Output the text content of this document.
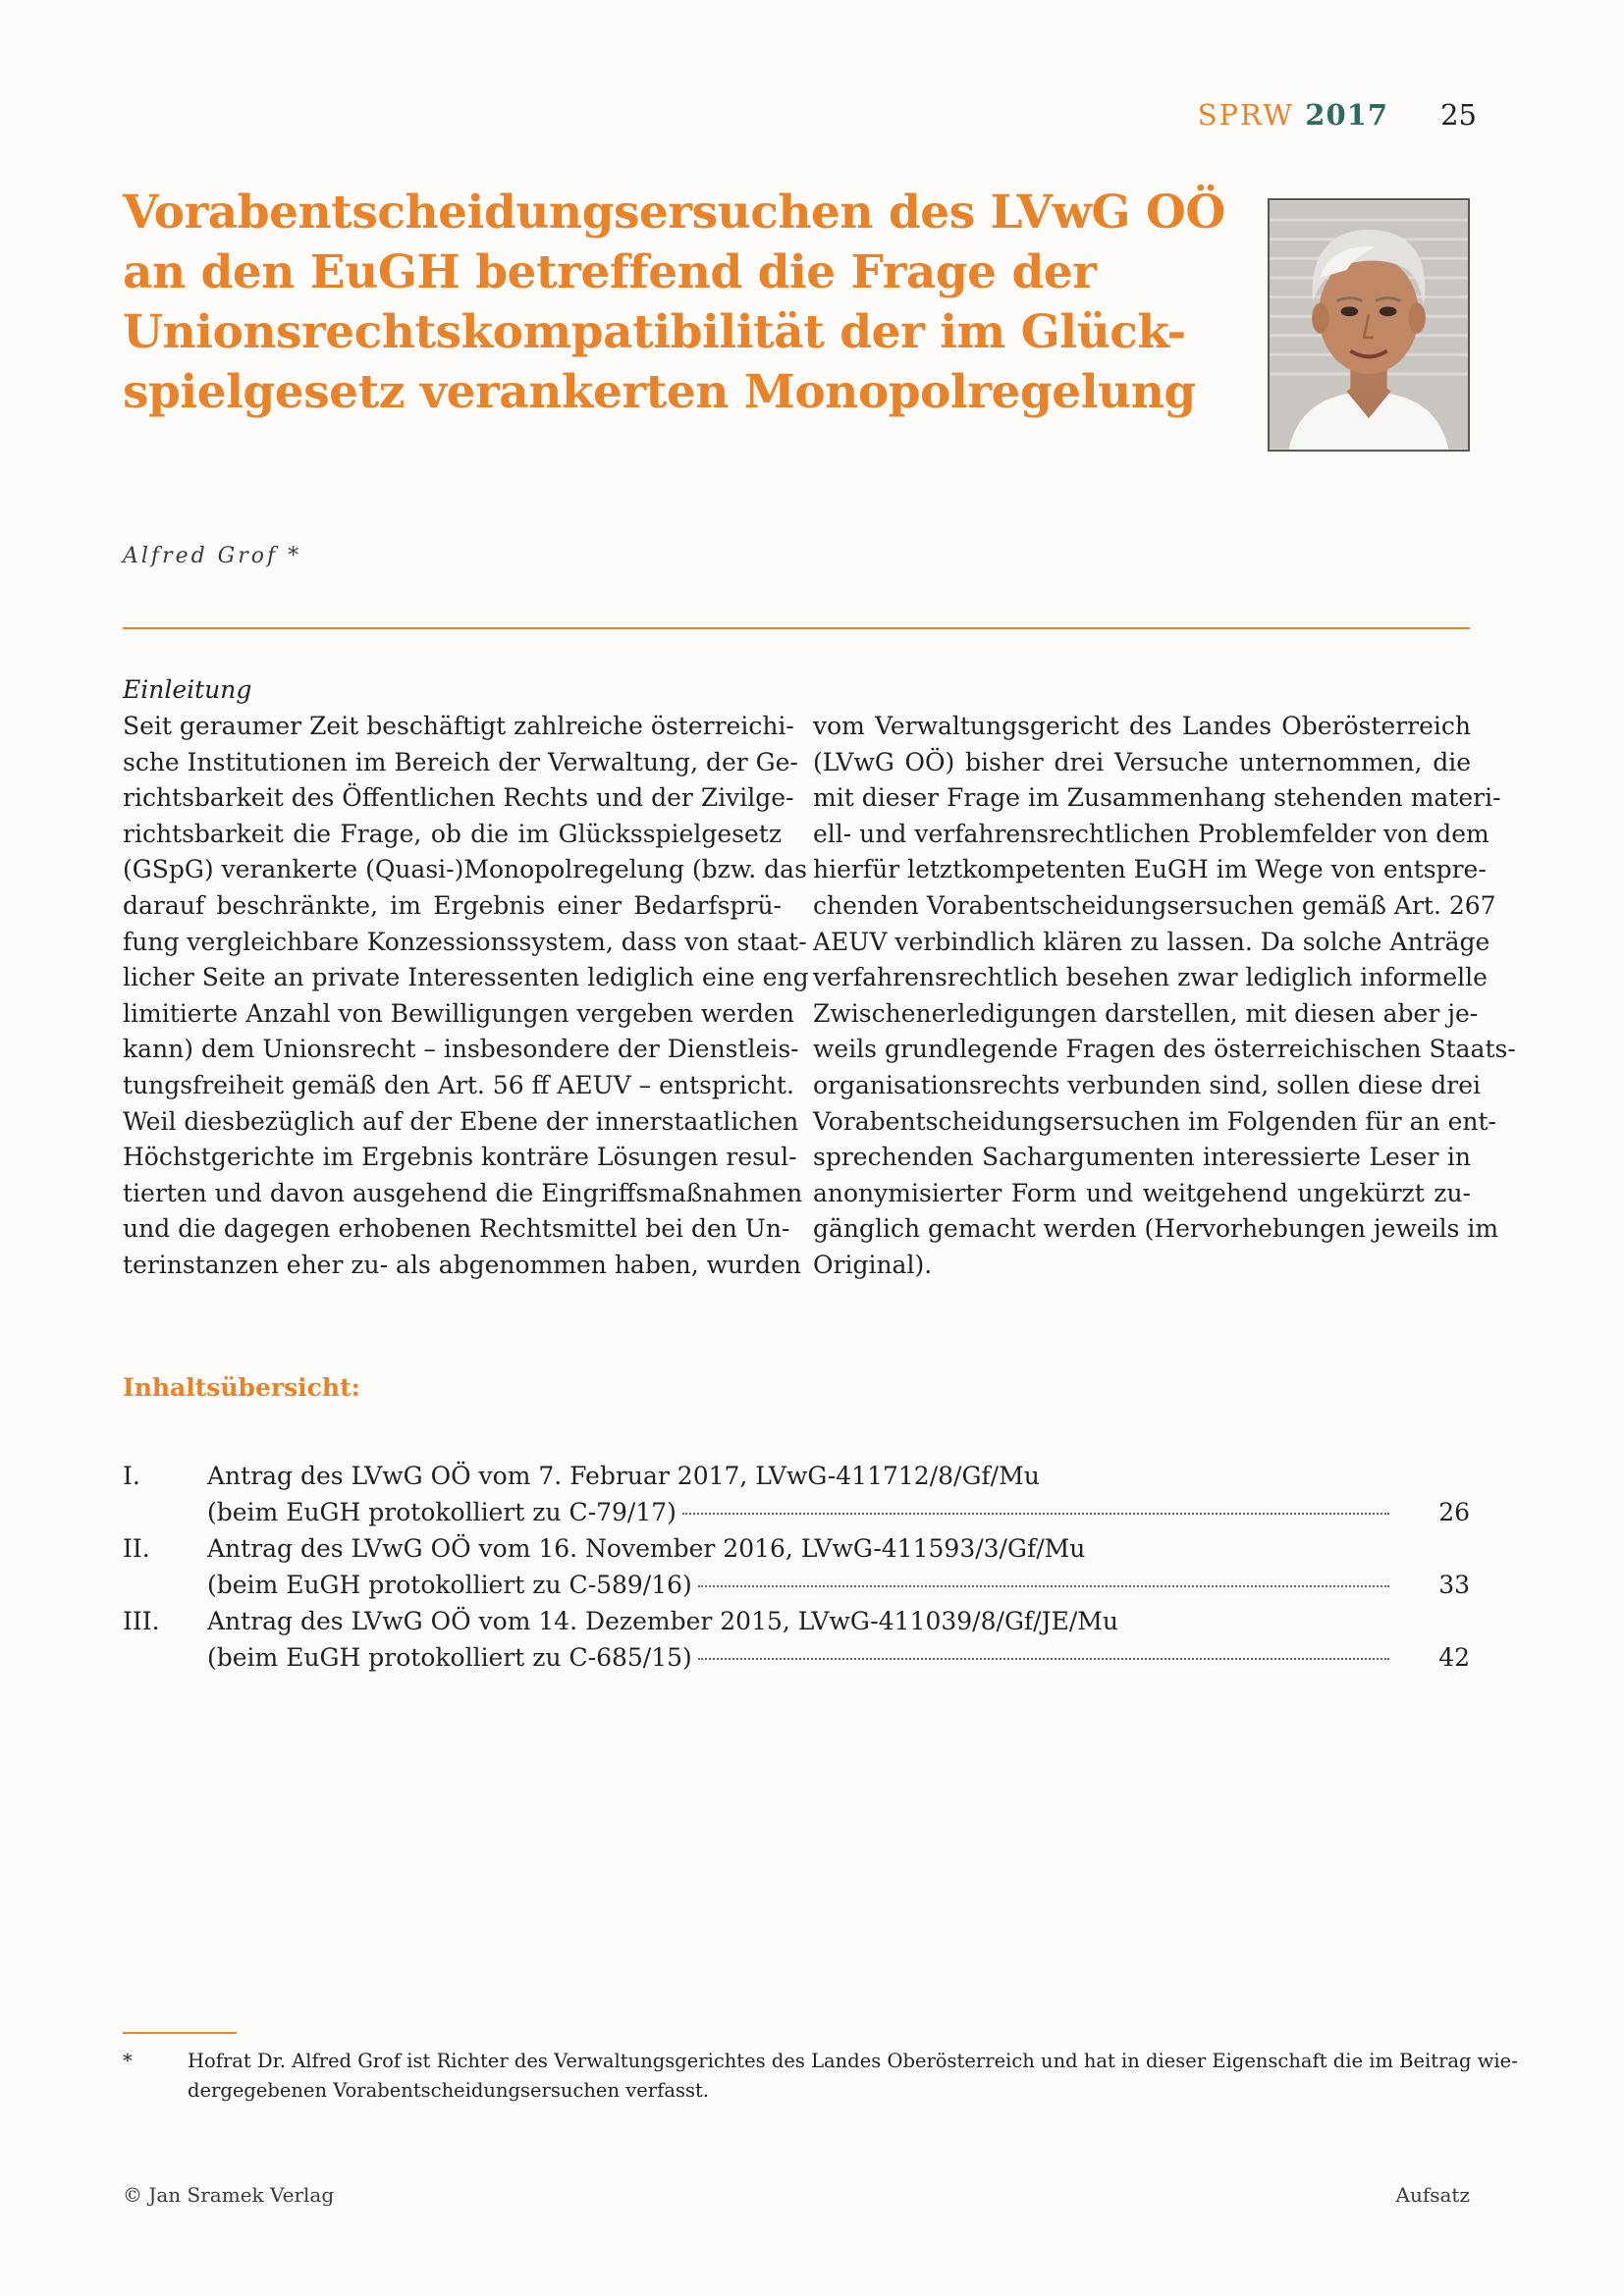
SPRW 2017 25
Vorabentscheidungsersuchen des LVwG OÖ
an den EuGH betreffend die Frage der
Unionsrechtskompatibilität der im Glück-
spielgesetz verankerten Monopolregelung

Alfred Grof *

Einleitung

Seit geraumer Zeit beschäftigt zahlreiche österreichi-
sche Institutionen im Bereich der Verwaltung, der Ge-
richtsbarkeit des Öffentlichen Rechts und der Zivilge-
richtsbarkeit die Frage, ob die im Glücksspielgesetz
(GSpG) verankerte (Quasi-)Monopolregelung (bzw. das
darauf beschränkte, im Ergebnis einer Bedarfsprü-
fung vergleichbare Konzessionssystem, dass von staat-
licher Seite an private Interessenten lediglich eine eng
limitierte Anzahl von Bewilligungen vergeben werden
kann) dem Unionsrecht – insbesondere der Dienstleis-
tungsfreiheit gemäß den Art. 56 ff AEUV – entspricht.
Weil diesbezüglich auf der Ebene der innerstaatlichen
Höchstgerichte im Ergebnis konträre Lösungen resul-
tierten und davon ausgehend die Eingriffsmaßnahmen
und die dagegen erhobenen Rechtsmittel bei den Un-
terinstanzen eher zu- als abgenommen haben, wurden
vom Verwaltungsgericht des Landes Oberösterreich
(LVwG OÖ) bisher drei Versuche unternommen, die
mit dieser Frage im Zusammenhang stehenden materi-
ell- und verfahrensrechtlichen Problemfelder von dem
hierfür letztkompetenten EuGH im Wege von entspre-
chenden Vorabentscheidungsersuchen gemäß Art. 267
AEUV verbindlich klären zu lassen. Da solche Anträge
verfahrensrechtlich besehen zwar lediglich informelle
Zwischenerledigungen darstellen, mit diesen aber je-
weils grundlegende Fragen des österreichischen Staats-
organisationsrechts verbunden sind, sollen diese drei
Vorabentscheidungsersuchen im Folgenden für an ent-
sprechenden Sachargumenten interessierte Leser in
anonymisierter Form und weitgehend ungekürzt zu-
gänglich gemacht werden (Hervorhebungen jeweils im
Original).

Inhaltsübersicht:

I.	Antrag des LVwG OÖ vom 7. Februar 2017, LVwG-411712/8/Gf/Mu
(beim EuGH protokolliert zu C-79/17)	26
II. Antrag des LVwG OÖ vom 16. November 2016, LVwG-411593/3/Gf/Mu
(beim EuGH protokolliert zu C-589/16)	33
III. Antrag des LVwG OÖ vom 14. Dezember 2015, LVwG-411039/8/Gf/JE/Mu
(beim EuGH protokolliert zu C-685/15)	42
*	Hofrat Dr. Alfred Grof ist Richter des Verwaltungsgerichtes des Landes Oberösterreich und hat in dieser Eigenschaft die im Beitrag wie-
dergegebenen Vorabentscheidungsersuchen verfasst.
© Jan Sramek Verlag	Aufsatz
